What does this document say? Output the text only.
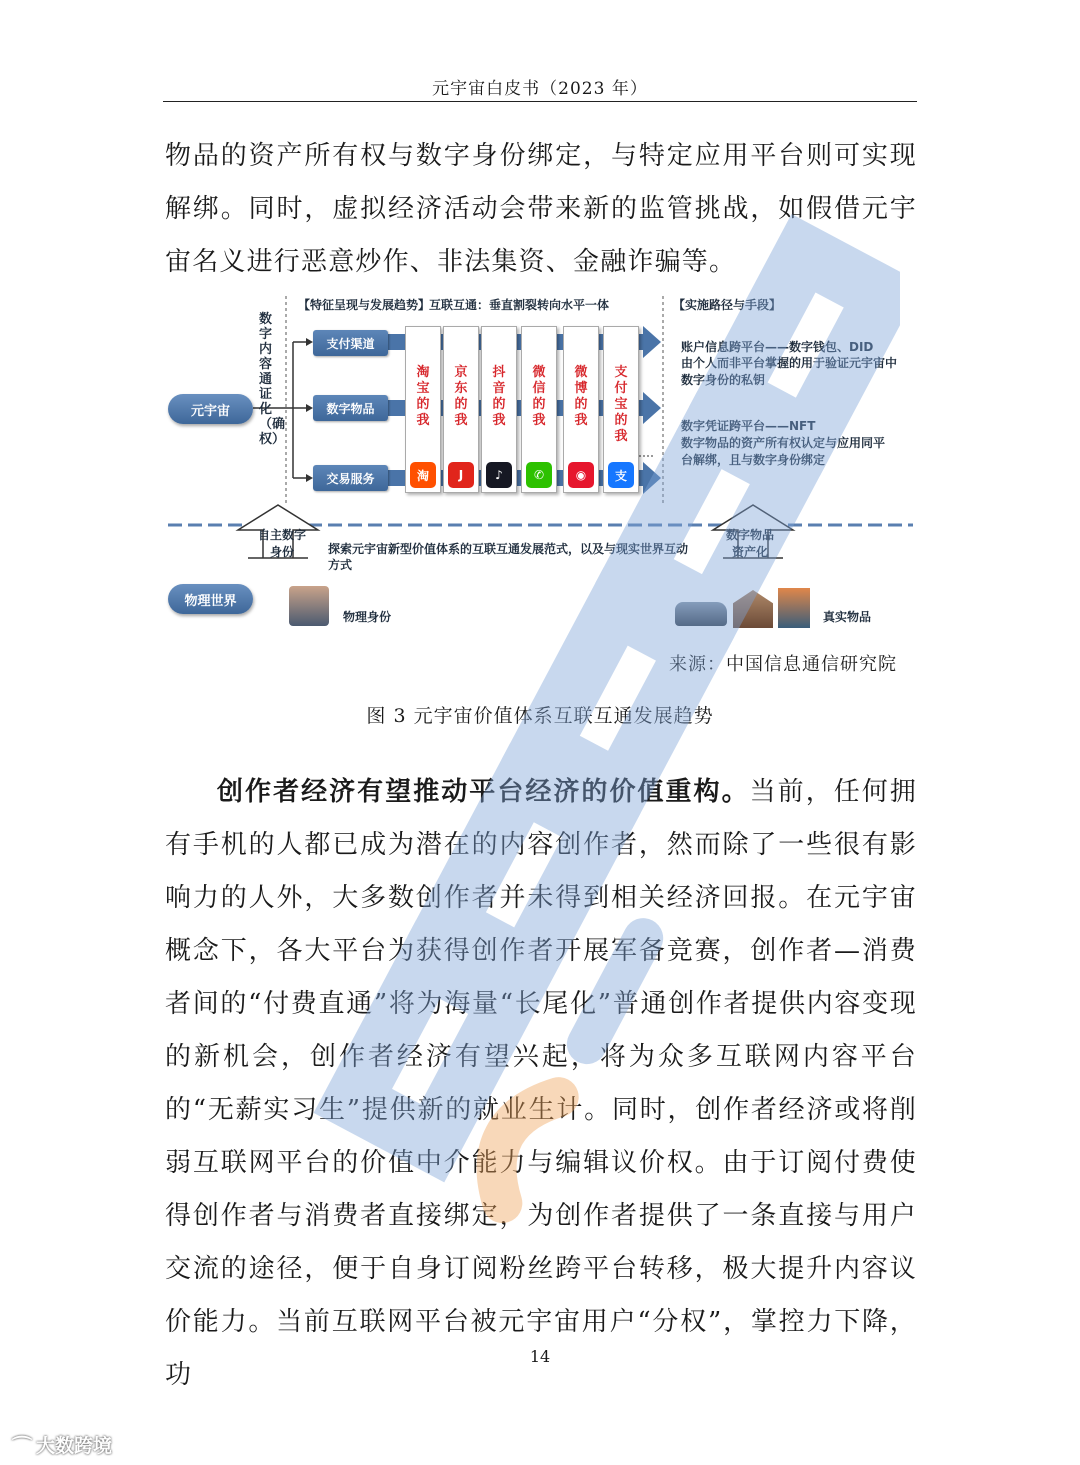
元宇宙白皮书（2023 年）

物品的资产所有权与数字身份绑定，与特定应用平台则可实现解绑。同时，虚拟经济活动会带来新的监管挑战，如假借元宇宙名义进行恶意炒作、非法集资、金融诈骗等。

【特征呈现与发展趋势】
互联互通：垂直割裂转向水平一体	【实施路径与手段】
数字内容通证化（确权）
元宇宙
支付渠道
数字物品
交易服务
淘宝的我
淘
京东的我
J
抖音的我
♪
微信的我
✆
微博的我
◉
支付宝的我
支
账户信息跨平台——数字钱包、DID
由个人而非平台掌握的用于验证元宇宙中数字身份的私钥
数字凭证跨平台——NFT
数字物品的资产所有权认定与应用同平台解绑，且与数字身份绑定
自主数字身份
数字物品资产化
探索元宇宙新型价值体系的互联互通发展范式，以及与现实世界互动方式
物理世界
物理身份	真实物品
来源：中国信息通信研究院
图 3 元宇宙价值体系互联互通发展趋势

创作者经济有望推动平台经济的价值重构。当前，任何拥有手机的人都已成为潜在的内容创作者，然而除了一些很有影响力的人外，大多数创作者并未得到相关经济回报。在元宇宙概念下，各大平台为获得创作者开展军备竞赛，创作者—消费者间的“付费直通”将为海量“长尾化”普通创作者提供内容变现的新机会，创作者经济有望兴起，将为众多互联网内容平台的“无薪实习生”提供新的就业生计。同时，创作者经济或将削弱互联网平台的价值中介能力与编辑议价权。由于订阅付费使得创作者与消费者直接绑定，为创作者提供了一条直接与用户交流的途径，便于自身订阅粉丝跨平台转移，极大提升内容议价能力。当前互联网平台被元宇宙用户“分权”，掌控力下降，功

14
⌒ 大数跨境
